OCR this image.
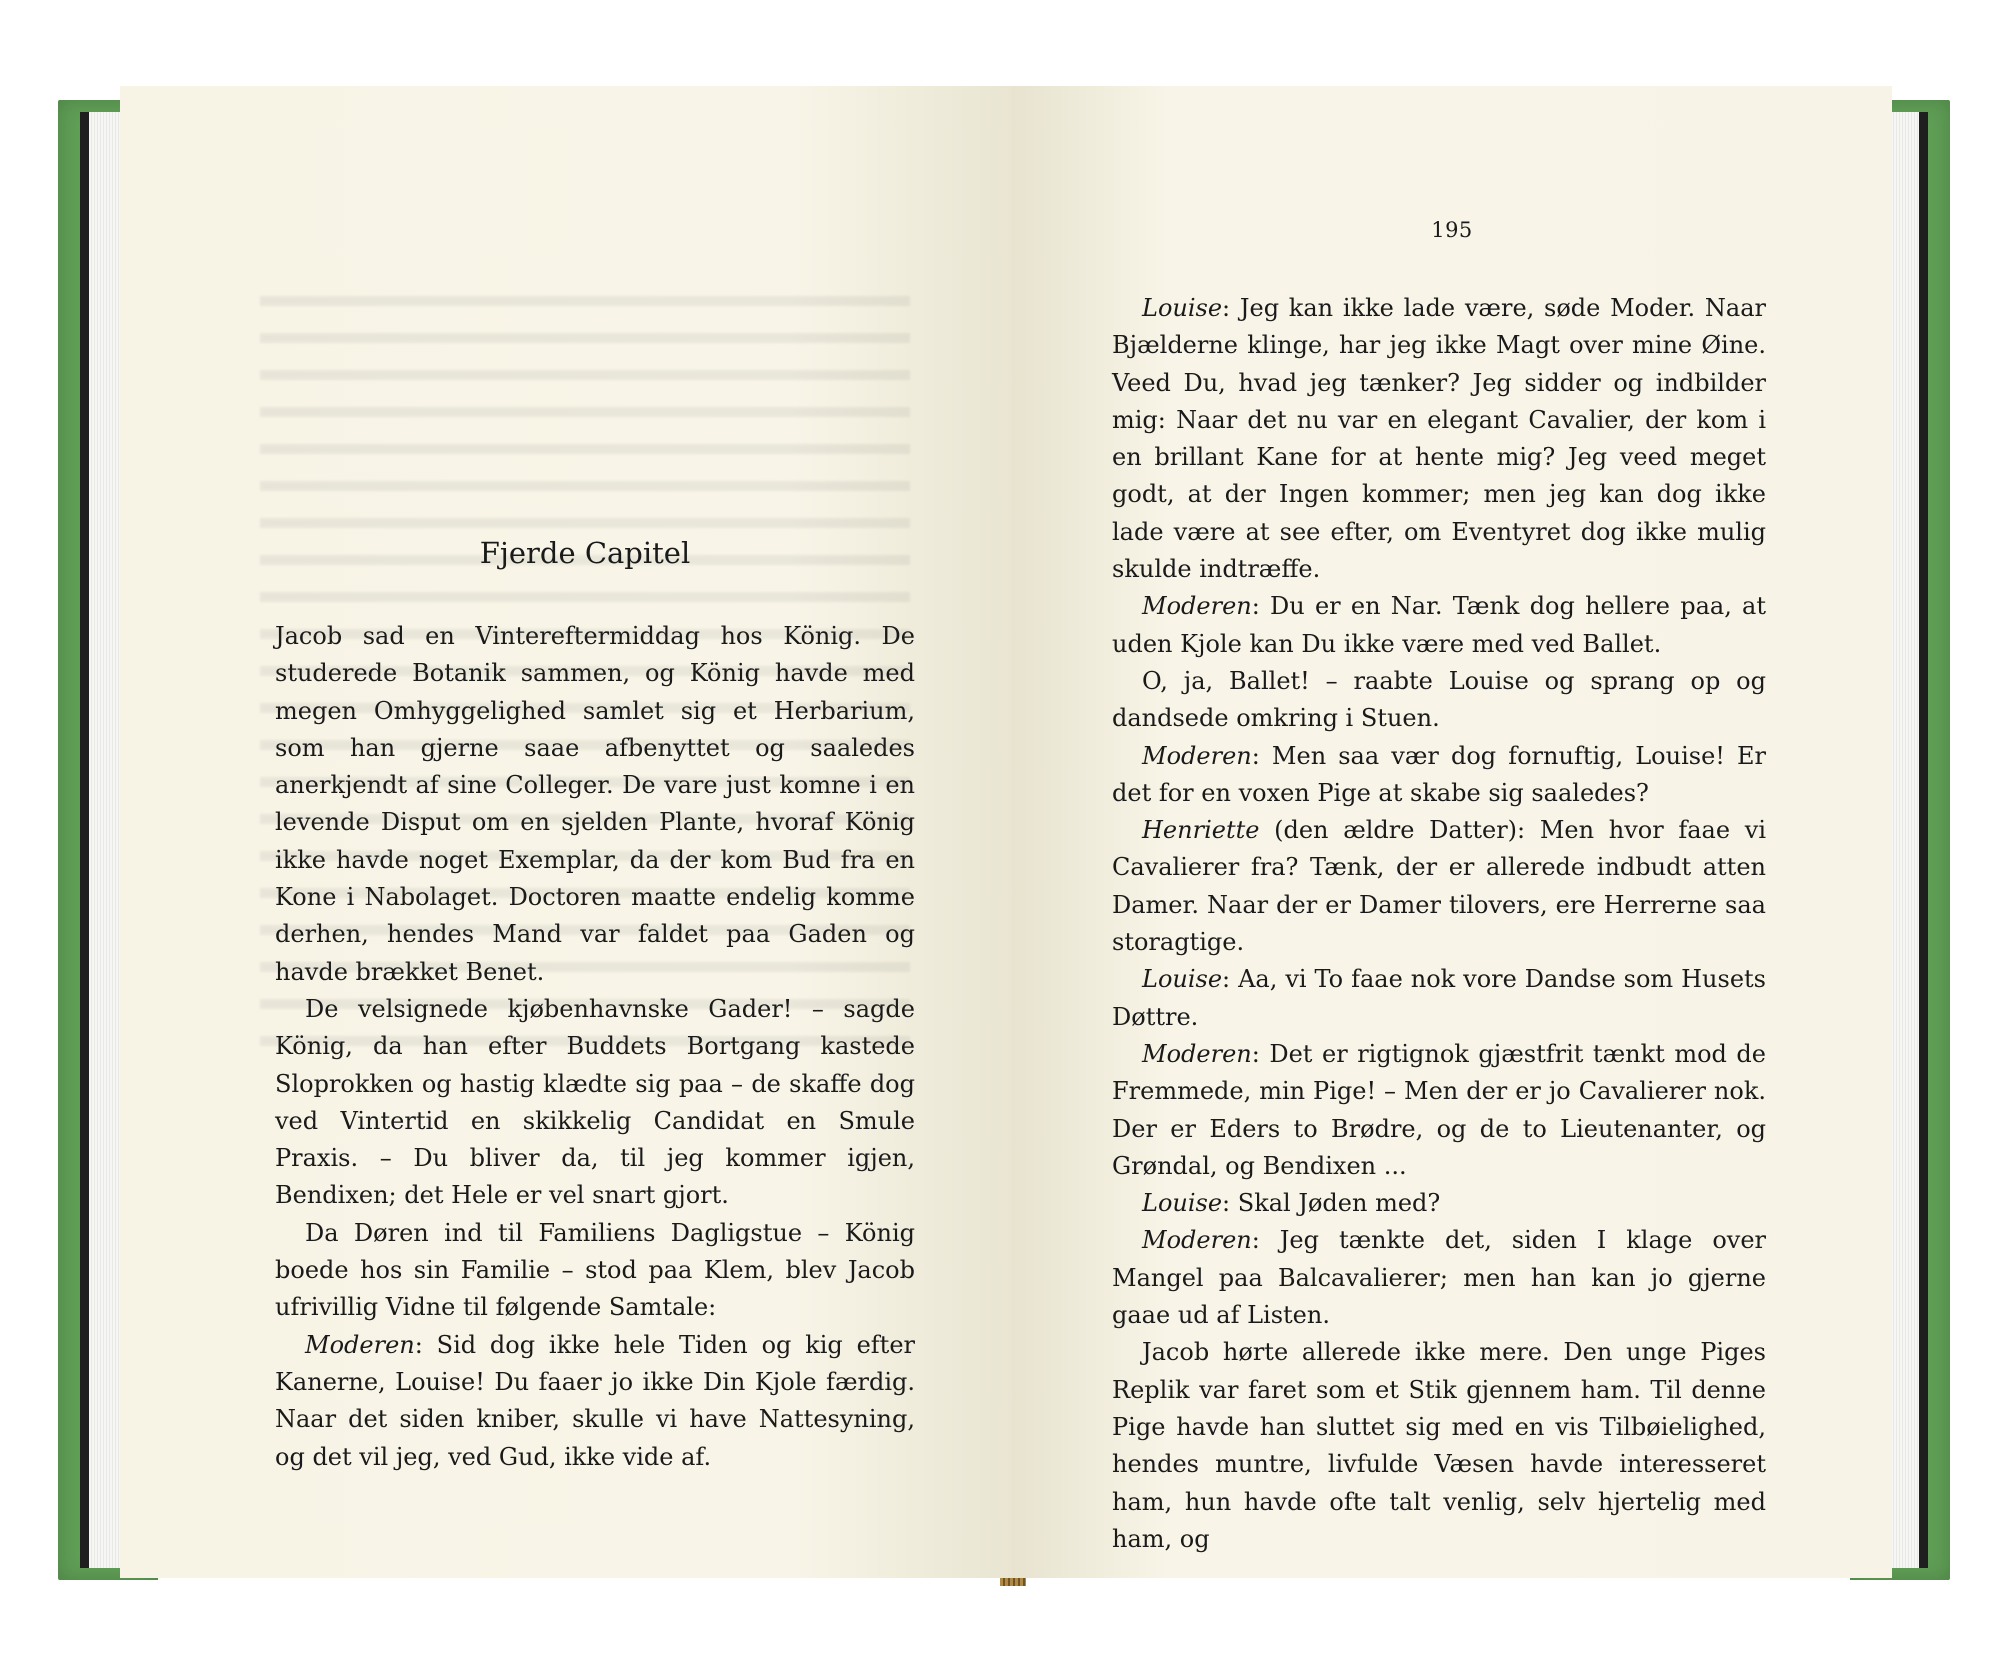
Fjerde Capitel

Jacob sad en Vintereftermiddag hos König. De studerede Botanik sammen, og König havde med megen Omhyggelighed samlet sig et Herbarium, som han gjerne saae afbenyttet og saaledes anerkjendt af sine Colleger. De vare just komne i en levende Disput om en sjelden Plante, hvoraf König ikke havde noget Exemplar, da der kom Bud fra en Kone i Nabolaget. Doctoren maatte endelig komme derhen, hendes Mand var faldet paa Gaden og havde brækket Benet.

De velsignede kjøbenhavnske Gader! – sagde König, da han efter Buddets Bortgang kastede Sloprokken og hastig klædte sig paa – de skaffe dog ved Vintertid en skikkelig Candidat en Smule Praxis. – Du bliver da, til jeg kommer igjen, Bendixen; det Hele er vel snart gjort.

Da Døren ind til Familiens Dagligstue – König boede hos sin Familie – stod paa Klem, blev Jacob ufrivillig Vidne til følgende Samtale:

Moderen: Sid dog ikke hele Tiden og kig efter Kanerne, Louise! Du faaer jo ikke Din Kjole færdig. Naar det siden kniber, skulle vi have Nattesyning, og det vil jeg, ved Gud, ikke vide af.

195

Louise: Jeg kan ikke lade være, søde Moder. Naar Bjælderne klinge, har jeg ikke Magt over mine Øine. Veed Du, hvad jeg tænker? Jeg sidder og indbilder mig: Naar det nu var en elegant Cavalier, der kom i en brillant Kane for at hente mig? Jeg veed meget godt, at der Ingen kommer; men jeg kan dog ikke lade være at see efter, om Eventyret dog ikke mulig skulde indtræffe.

Moderen: Du er en Nar. Tænk dog hellere paa, at uden Kjole kan Du ikke være med ved Ballet.

O, ja, Ballet! – raabte Louise og sprang op og dandsede omkring i Stuen.

Moderen: Men saa vær dog fornuftig, Louise! Er det for en voxen Pige at skabe sig saaledes?

Henriette (den ældre Datter): Men hvor faae vi Cavalierer fra? Tænk, der er allerede indbudt atten Damer. Naar der er Damer tilovers, ere Herrerne saa storagtige.

Louise: Aa, vi To faae nok vore Dandse som Husets Døttre.

Moderen: Det er rigtignok gjæstfrit tænkt mod de Fremmede, min Pige! – Men der er jo Cavalierer nok. Der er Eders to Brødre, og de to Lieutenanter, og Grøndal, og Bendixen ...

Louise: Skal Jøden med?

Moderen: Jeg tænkte det, siden I klage over Mangel paa Balcavalierer; men han kan jo gjerne gaae ud af Listen.

Jacob hørte allerede ikke mere. Den unge Piges Replik var faret som et Stik gjennem ham. Til denne Pige havde han sluttet sig med en vis Tilbøielighed, hendes muntre, livfulde Væsen havde interesseret ham, hun havde ofte talt venlig, selv hjertelig med ham, og
